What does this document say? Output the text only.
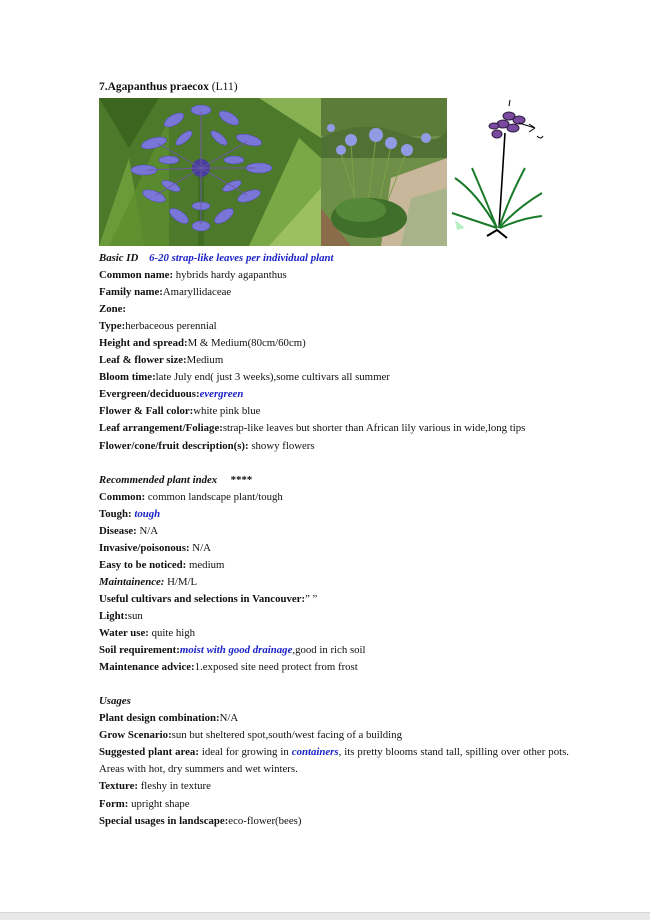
7.Agapanthus praecox (L11)
Basic ID 6-20 strap-like leaves per individual plant
Common name: hybrids hardy agapanthus
Family name:Amaryllidaceae
Zone:
Type:herbaceous perennial
Height and spread:M & Medium(80cm/60cm)
Leaf & flower size:Medium
Bloom time:late July end( just 3 weeks),some cultivars all summer
Evergreen/deciduous:evergreen
Flower & Fall color:white pink blue
Leaf arrangement/Foliage:strap-like leaves but shorter than African lily various in wide,long tips
Flower/cone/fruit description(s): showy flowers
Recommended plant index ****
Common: common landscape plant/tough
Tough: tough
Disease: N/A
Invasive/poisonous: N/A
Easy to be noticed: medium
Maintainence: H/M/L
Useful cultivars and selections in Vancouver:” ”
Light:sun
Water use: quite high
Soil requirement:moist with good drainage,good in rich soil
Maintenance advice:1.exposed site need protect from frost
Usages
Plant design combination:N/A
Grow Scenario:sun but sheltered spot,south/west facing of a building
Suggested plant area: ideal for growing in containers, its pretty blooms stand tall, spilling over other pots. Areas with hot, dry summers and wet winters.
Texture: fleshy in texture
Form: upright shape
Special usages in landscape:eco-flower(bees)
